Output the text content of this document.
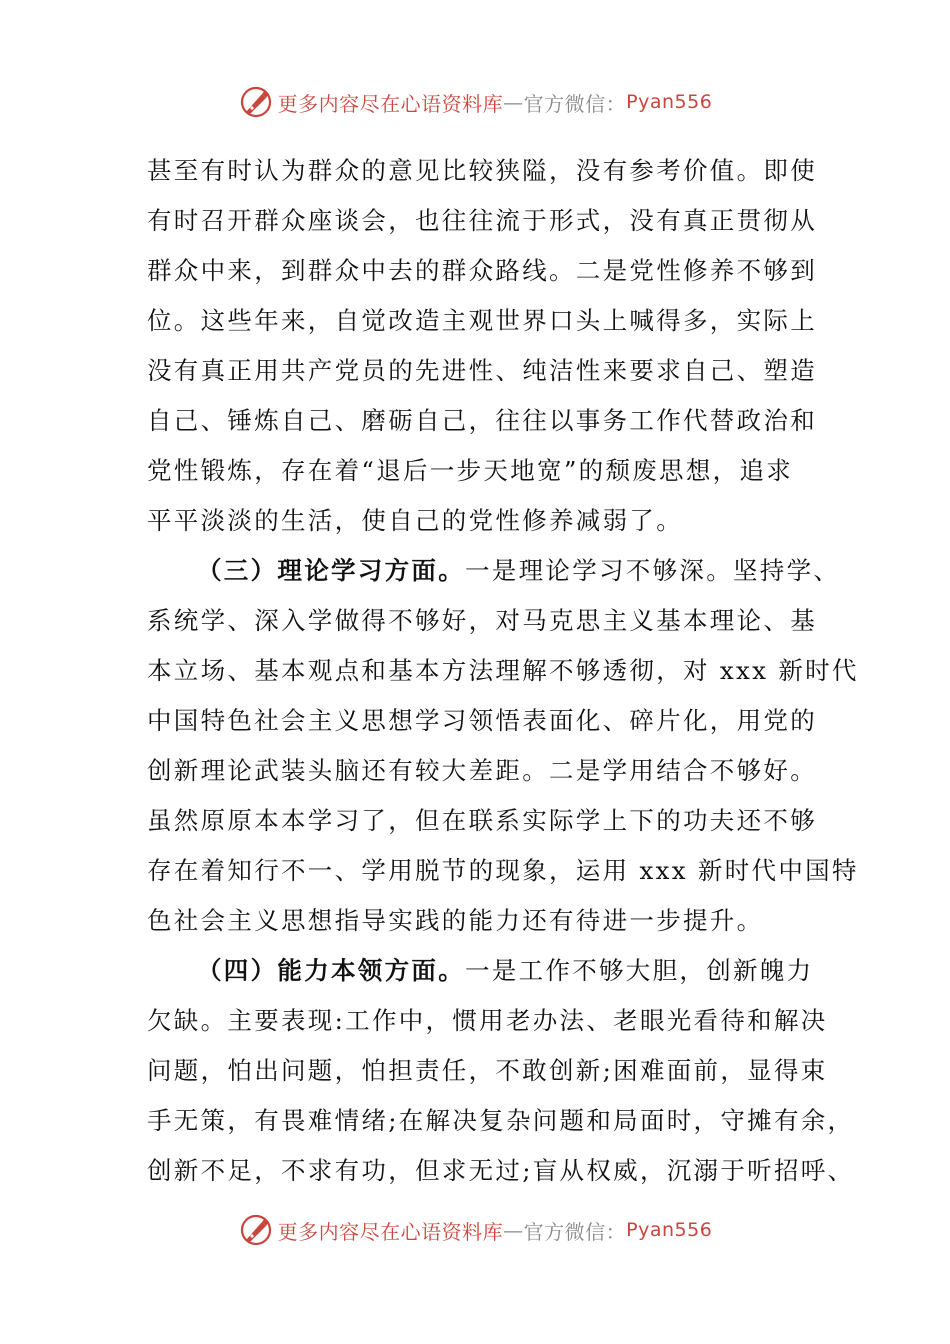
更多内容尽在心语资料库 — 官方微信： Pyan556
甚至有时认为群众的意见比较狭隘，没有参考价值。即使
有时召开群众座谈会，也往往流于形式，没有真正贯彻从
群众中来，到群众中去的群众路线。二是党性修养不够到
位。这些年来，自觉改造主观世界口头上喊得多，实际上
没有真正用共产党员的先进性、纯洁性来要求自己、塑造
自己、锤炼自己、磨砺自己，往往以事务工作代替政治和
党性锻炼，存在着“退后一步天地宽”的颓废思想，追求
平平淡淡的生活，使自己的党性修养减弱了。
（三）理论学习方面。一是理论学习不够深。坚持学、
系统学、深入学做得不够好，对马克思主义基本理论、基
本立场、基本观点和基本方法理解不够透彻，对 xxx 新时代
中国特色社会主义思想学习领悟表面化、碎片化，用党的
创新理论武装头脑还有较大差距。二是学用结合不够好。
虽然原原本本学习了，但在联系实际学上下的功夫还不够
存在着知行不一、学用脱节的现象，运用 xxx 新时代中国特
色社会主义思想指导实践的能力还有待进一步提升。
（四）能力本领方面。一是工作不够大胆，创新魄力
欠缺。主要表现:工作中，惯用老办法、老眼光看待和解决
问题，怕出问题，怕担责任，不敢创新;困难面前，显得束
手无策，有畏难情绪;在解决复杂问题和局面时，守摊有余，
创新不足，不求有功，但求无过;盲从权威，沉溺于听招呼、
更多内容尽在心语资料库 — 官方微信： Pyan556
